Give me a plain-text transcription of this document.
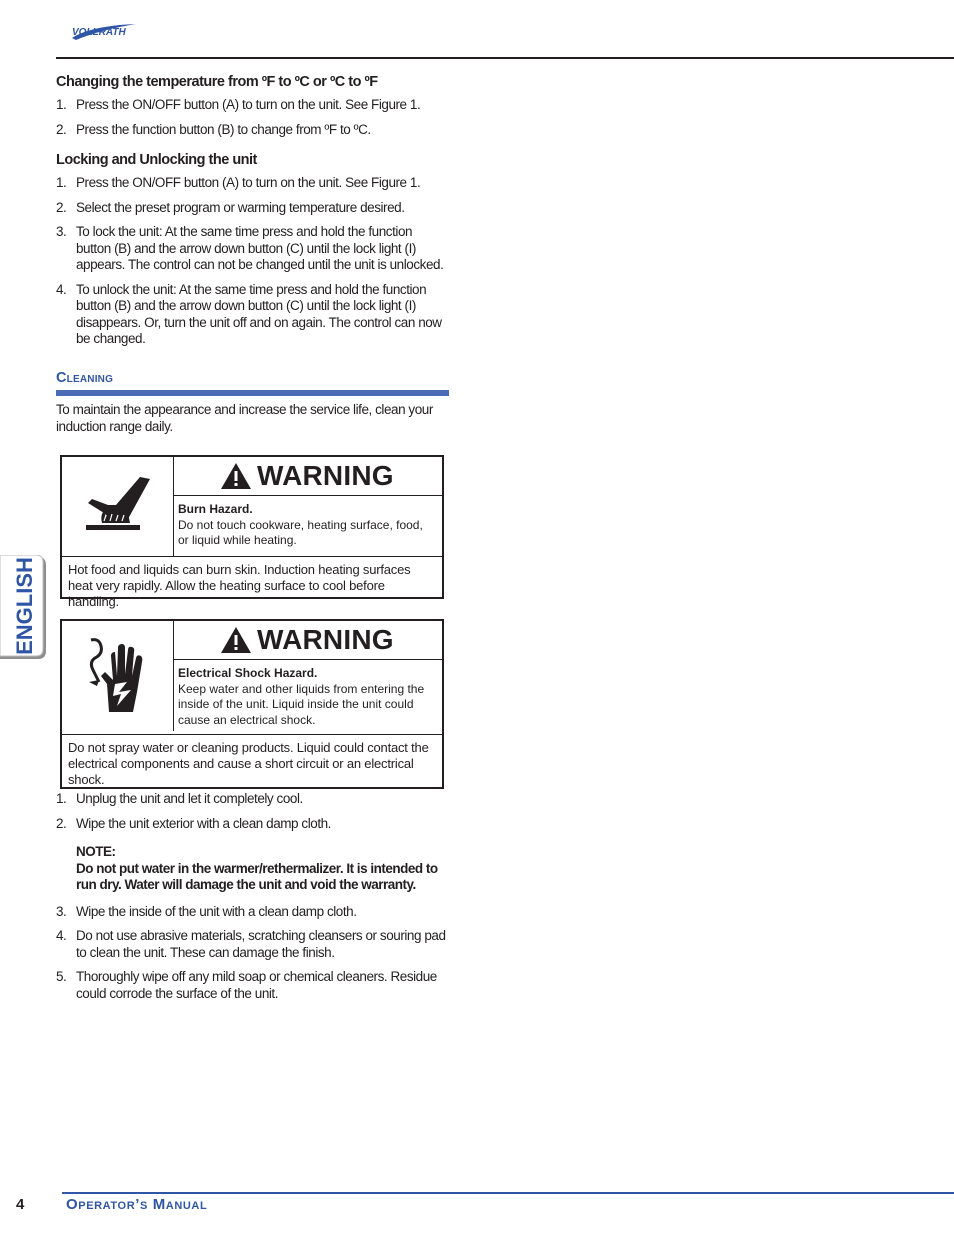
VOLLRATH
Changing the temperature from ºF to ºC or ºC to ºF
1. Press the ON/OFF button (A) to turn on the unit. See Figure 1.
2. Press the function button (B) to change from ºF to ºC.
Locking and Unlocking the unit
1. Press the ON/OFF button (A) to turn on the unit. See Figure 1.
2. Select the preset program or warming temperature desired.
3. To lock the unit: At the same time press and hold the function button (B) and the arrow down button (C) until the lock light (I) appears. The control can not be changed until the unit is unlocked.
4. To unlock the unit: At the same time press and hold the function button (B) and the arrow down button (C) until the lock light (I) disappears. Or, turn the unit off and on again. The control can now be changed.
Cleaning

To maintain the appearance and increase the service life, clean your induction range daily.

WARNING
Burn Hazard.
Do not touch cookware, heating surface, food, or liquid while heating.
Hot food and liquids can burn skin. Induction heating surfaces heat very rapidly. Allow the heating surface to cool before handling.
WARNING
Electrical Shock Hazard.
Keep water and other liquids from entering the inside of the unit. Liquid inside the unit could cause an electrical shock.
Do not spray water or cleaning products. Liquid could contact the electrical components and cause a short circuit or an electrical shock.
1. Unplug the unit and let it completely cool.
2. Wipe the unit exterior with a clean damp cloth.
NOTE:
Do not put water in the warmer/rethermalizer. It is intended to run dry. Water will damage the unit and void the warranty.
3. Wipe the inside of the unit with a clean damp cloth.
4. Do not use abrasive materials, scratching cleansers or souring pad to clean the unit. These can damage the finish.
5. Thoroughly wipe off any mild soap or chemical cleaners. Residue could corrode the surface of the unit.
ENGLISH
4	Operator’s Manual
